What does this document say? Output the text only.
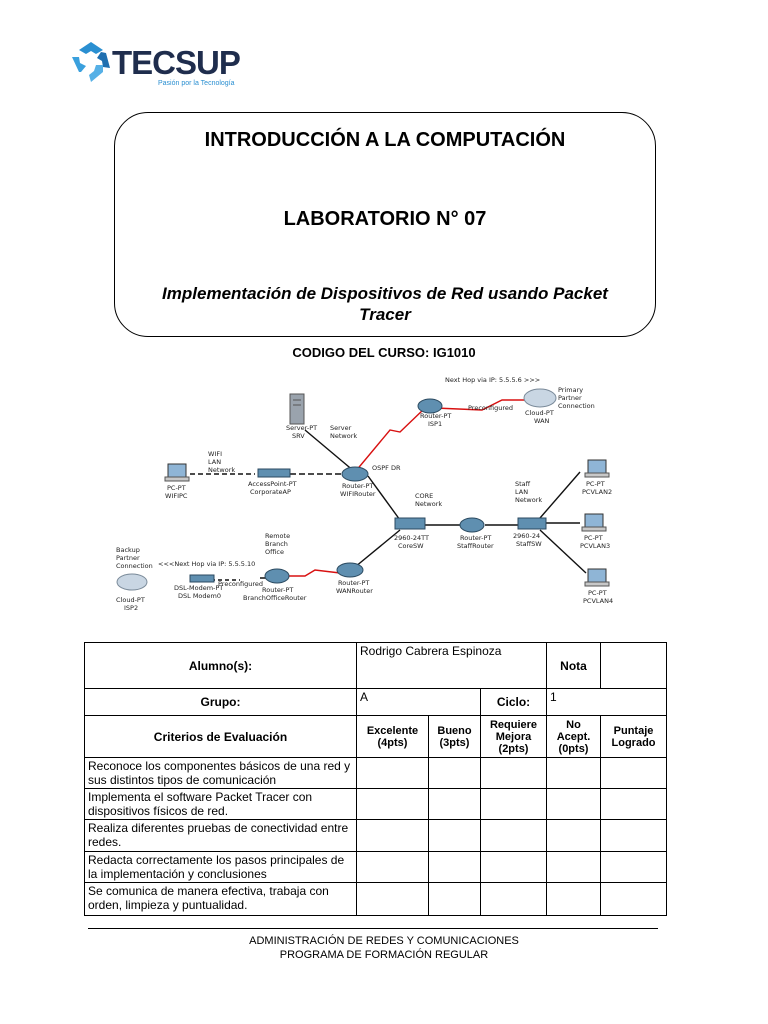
TECSUP
Pasión por la Tecnología
INTRODUCCIÓN A LA COMPUTACIÓN
LABORATORIO N° 07
Implementación de Dispositivos de Red usando Packet Tracer
CODIGO DEL CURSO: IG1010
Next Hop via IP: 5.5.5.6 >>>
Primary
Partner
Connection
Server-PT
SRV
Server
Network
Router-PT
ISP1
Preconfigured
Cloud-PT
WAN
WIFI
LAN
Network	OSPF DR
PC-PT
WIFIPC
AccessPoint-PT
CorporateAP
Router-PT
WIFIRouter	CORE
Network
Staff
LAN
Network
PC-PT
PCVLAN2
2960-24TT
CoreSW
Router-PT
StaffRouter
2960-24
StaffSW
PC-PT
PCVLAN3
Remote
Branch
Office
Backup
Partner
Connection <<<Next Hop via IP: 5.5.5.10
Preconfigured
DSL-Modem-PT
DSL Modem0
Router-PT
BranchOfficeRouter
Router-PT
WANRouter
Cloud-PT
ISP2
PC-PT
PCVLAN4
Alumno(s):	Rodrigo Cabrera Espinoza			Nota	
Grupo:	A		Ciclo:	1	
Criterios de Evaluación	Excelente (4pts)	Bueno (3pts)	Requiere Mejora (2pts)	No Acept. (0pts)	Puntaje Logrado
Reconoce los componentes básicos de una red y sus distintos tipos de comunicación					
Implementa el software Packet Tracer con dispositivos físicos de red.					
Realiza diferentes pruebas de conectividad entre redes.					
Redacta correctamente los pasos principales de la implementación y conclusiones					
Se comunica de manera efectiva, trabaja con orden, limpieza y puntualidad.					
ADMINISTRACIÓN DE REDES Y COMUNICACIONES
PROGRAMA DE FORMACIÓN REGULAR
